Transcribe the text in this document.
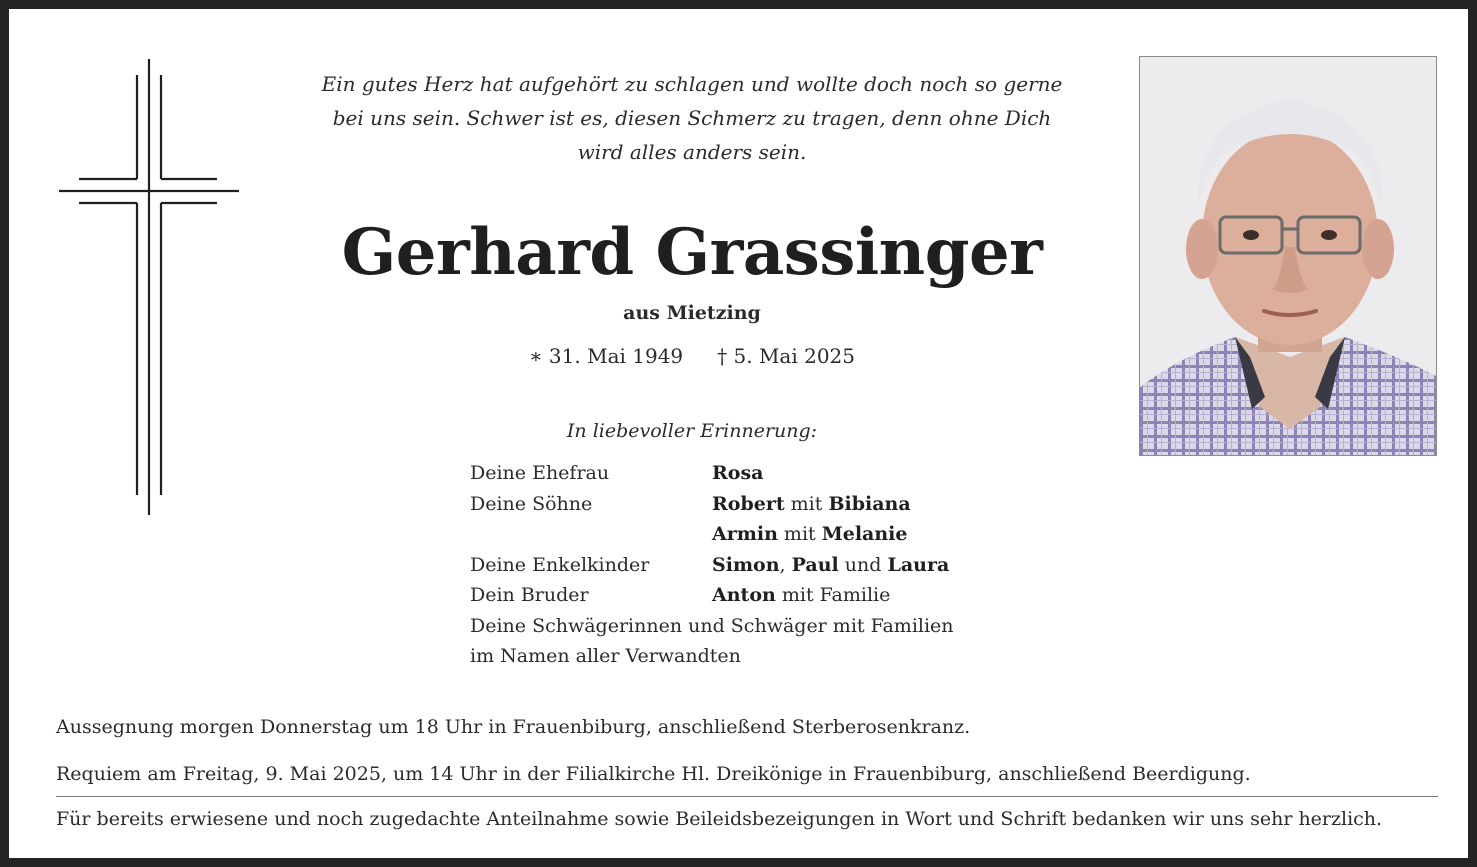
Ein gutes Herz hat aufgehört zu schlagen und wollte doch noch so gerne
bei uns sein. Schwer ist es, diesen Schmerz zu tragen, denn ohne Dich
wird alles anders sein.
Gerhard Grassinger
aus Mietzing
∗ 31. Mai 1949 † 5. Mai 2025
In liebevoller Erinnerung:
Deine Ehefrau	Rosa
Deine Söhne	Robert mit Bibiana
Armin mit Melanie
Deine Enkelkinder	Simon, Paul und Laura
Dein Bruder	Anton mit Familie
Deine Schwägerinnen und Schwäger mit Familien
im Namen aller Verwandten
Aussegnung morgen Donnerstag um 18 Uhr in Frauenbiburg, anschließend Sterberosenkranz.
Requiem am Freitag, 9. Mai 2025, um 14 Uhr in der Filialkirche Hl. Dreikönige in Frauenbiburg, anschließend Beerdigung.
Für bereits erwiesene und noch zugedachte Anteilnahme sowie Beileidsbezeigungen in Wort und Schrift bedanken wir uns sehr herzlich.
